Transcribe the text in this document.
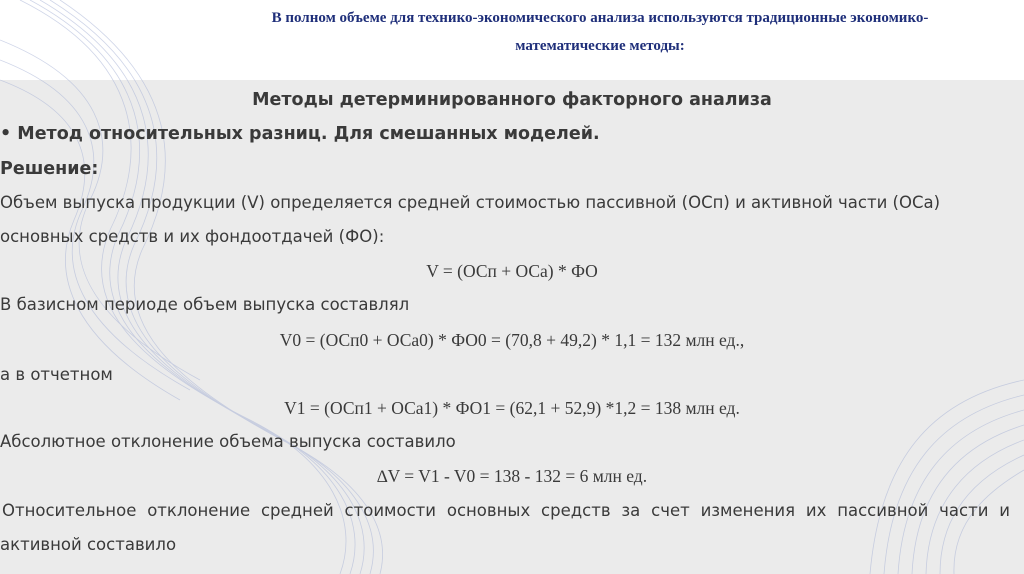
В полном объеме для технико-экономического анализа используются традиционные экономико-
математические методы:
Методы детерминированного факторного анализа
• Метод относительных разниц. Для смешанных моделей.
Решение:
Объем выпуска продукции (V) определяется средней стоимостью пассивной (ОСп) и активной части (ОСа)
основных средств и их фондоотдачей (ФО):
V = (ОСп + ОСа) * ФО
В базисном периоде объем выпуска составлял
V0 = (ОСп0 + ОСа0) * ФО0 = (70,8 + 49,2) * 1,1 = 132 млн ед.,
а в отчетном
V1 = (ОСп1 + ОСа1) * ФО1 = (62,1 + 52,9) *1,2 = 138 млн ед.
Абсолютное отклонение объема выпуска составило
∆V = V1 - V0 = 138 - 132 = 6 млн ед.
Относительное отклонение средней стоимости основных средств за счет изменения их пассивной части и
активной составило
